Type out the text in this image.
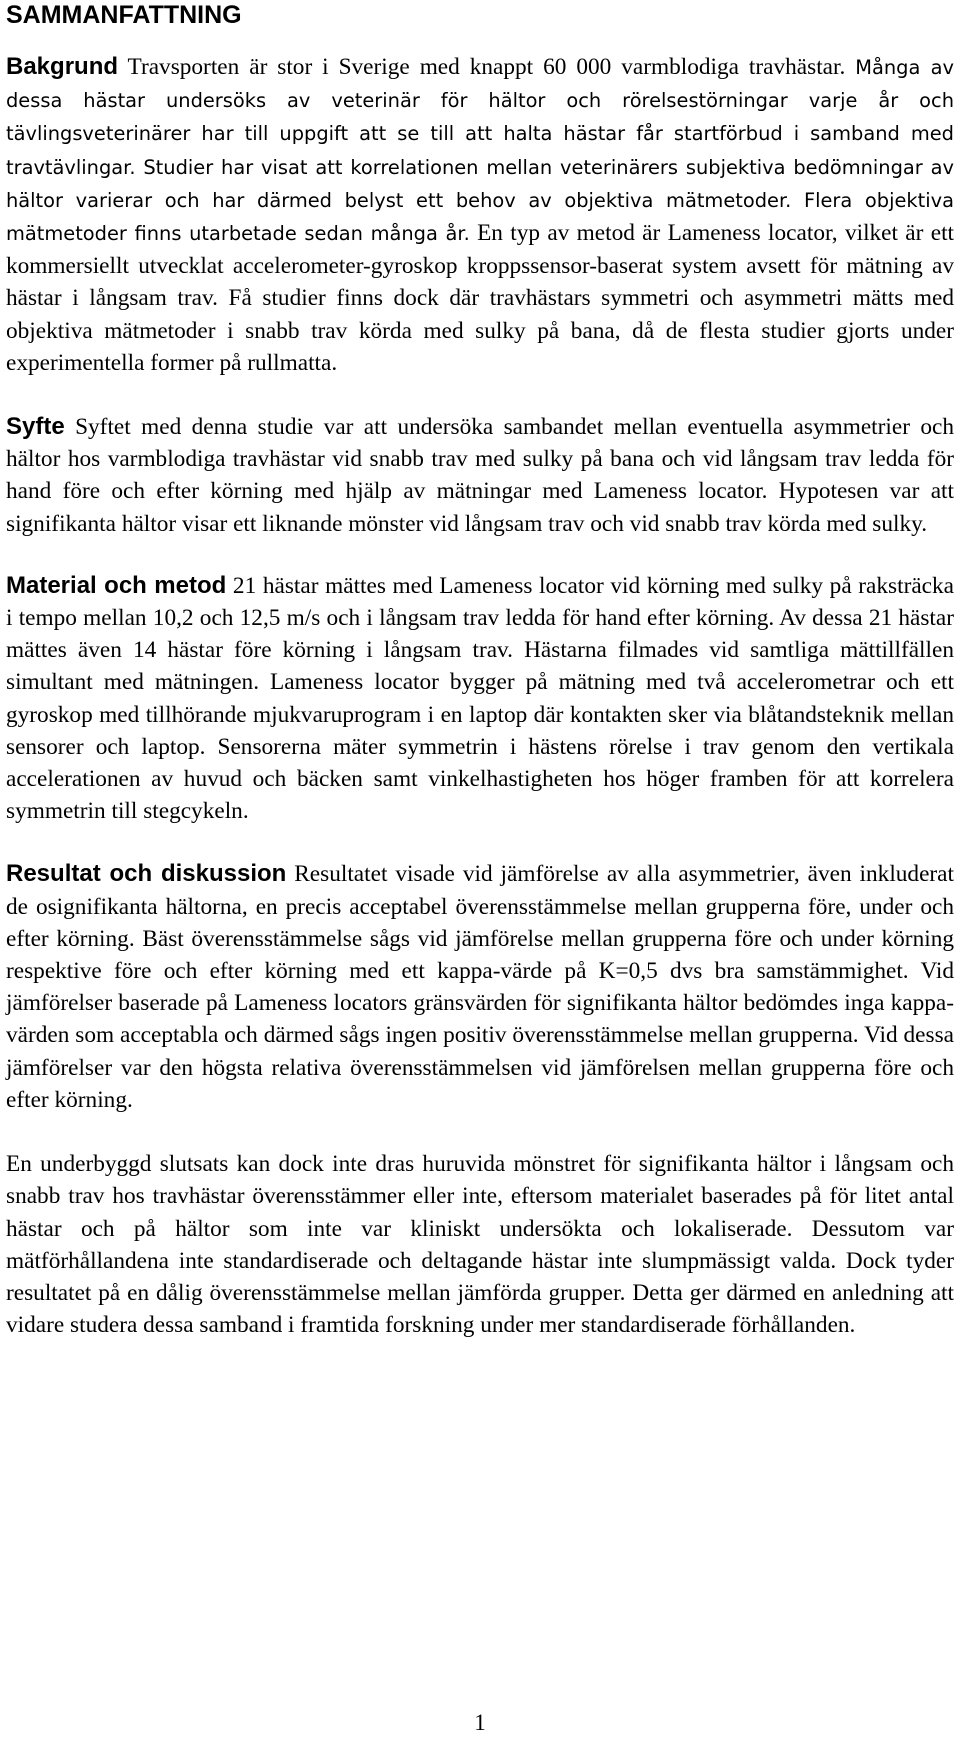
SAMMANFATTNING

Bakgrund Travsporten är stor i Sverige med knappt 60 000 varmblodiga travhästar. Många av dessa hästar undersöks av veterinär för hältor och rörelsestörningar varje år och tävlingsveterinärer har till uppgift att se till att halta hästar får startförbud i samband med travtävlingar. Studier har visat att korrelationen mellan veterinärers subjektiva bedömningar av hältor varierar och har därmed belyst ett behov av objektiva mätmetoder. Flera objektiva mätmetoder finns utarbetade sedan många år. En typ av metod är Lameness locator, vilket är ett kommersiellt utvecklat accelerometer-gyroskop kroppssensor-baserat system avsett för mätning av hästar i långsam trav. Få studier finns dock där travhästars symmetri och asymmetri mätts med objektiva mätmetoder i snabb trav körda med sulky på bana, då de flesta studier gjorts under experimentella former på rullmatta.

Syfte Syftet med denna studie var att undersöka sambandet mellan eventuella asymmetrier och hältor hos varmblodiga travhästar vid snabb trav med sulky på bana och vid långsam trav ledda för hand före och efter körning med hjälp av mätningar med Lameness locator. Hypotesen var att signifikanta hältor visar ett liknande mönster vid långsam trav och vid snabb trav körda med sulky.

Material och metod 21 hästar mättes med Lameness locator vid körning med sulky på raksträcka i tempo mellan 10,2 och 12,5 m/s och i långsam trav ledda för hand efter körning. Av dessa 21 hästar mättes även 14 hästar före körning i långsam trav. Hästarna filmades vid samtliga mättillfällen simultant med mätningen. Lameness locator bygger på mätning med två accelerometrar och ett gyroskop med tillhörande mjukvaruprogram i en laptop där kontakten sker via blåtandsteknik mellan sensorer och laptop. Sensorerna mäter symmetrin i hästens rörelse i trav genom den vertikala accelerationen av huvud och bäcken samt vinkelhastigheten hos höger framben för att korrelera symmetrin till stegcykeln.

Resultat och diskussion Resultatet visade vid jämförelse av alla asymmetrier, även inkluderat de osignifikanta hältorna, en precis acceptabel överensstämmelse mellan grupperna före, under och efter körning. Bäst överensstämmelse sågs vid jämförelse mellan grupperna före och under körning respektive före och efter körning med ett kappa-värde på K=0,5 dvs bra samstämmighet. Vid jämförelser baserade på Lameness locators gränsvärden för signifikanta hältor bedömdes inga kappa-värden som acceptabla och därmed sågs ingen positiv överensstämmelse mellan grupperna. Vid dessa jämförelser var den högsta relativa överensstämmelsen vid jämförelsen mellan grupperna före och efter körning.

En underbyggd slutsats kan dock inte dras huruvida mönstret för signifikanta hältor i långsam och snabb trav hos travhästar överensstämmer eller inte, eftersom materialet baserades på för litet antal hästar och på hältor som inte var kliniskt undersökta och lokaliserade. Dessutom var mätförhållandena inte standardiserade och deltagande hästar inte slumpmässigt valda. Dock tyder resultatet på en dålig överensstämmelse mellan jämförda grupper. Detta ger därmed en anledning att vidare studera dessa samband i framtida forskning under mer standardiserade förhållanden.

1
